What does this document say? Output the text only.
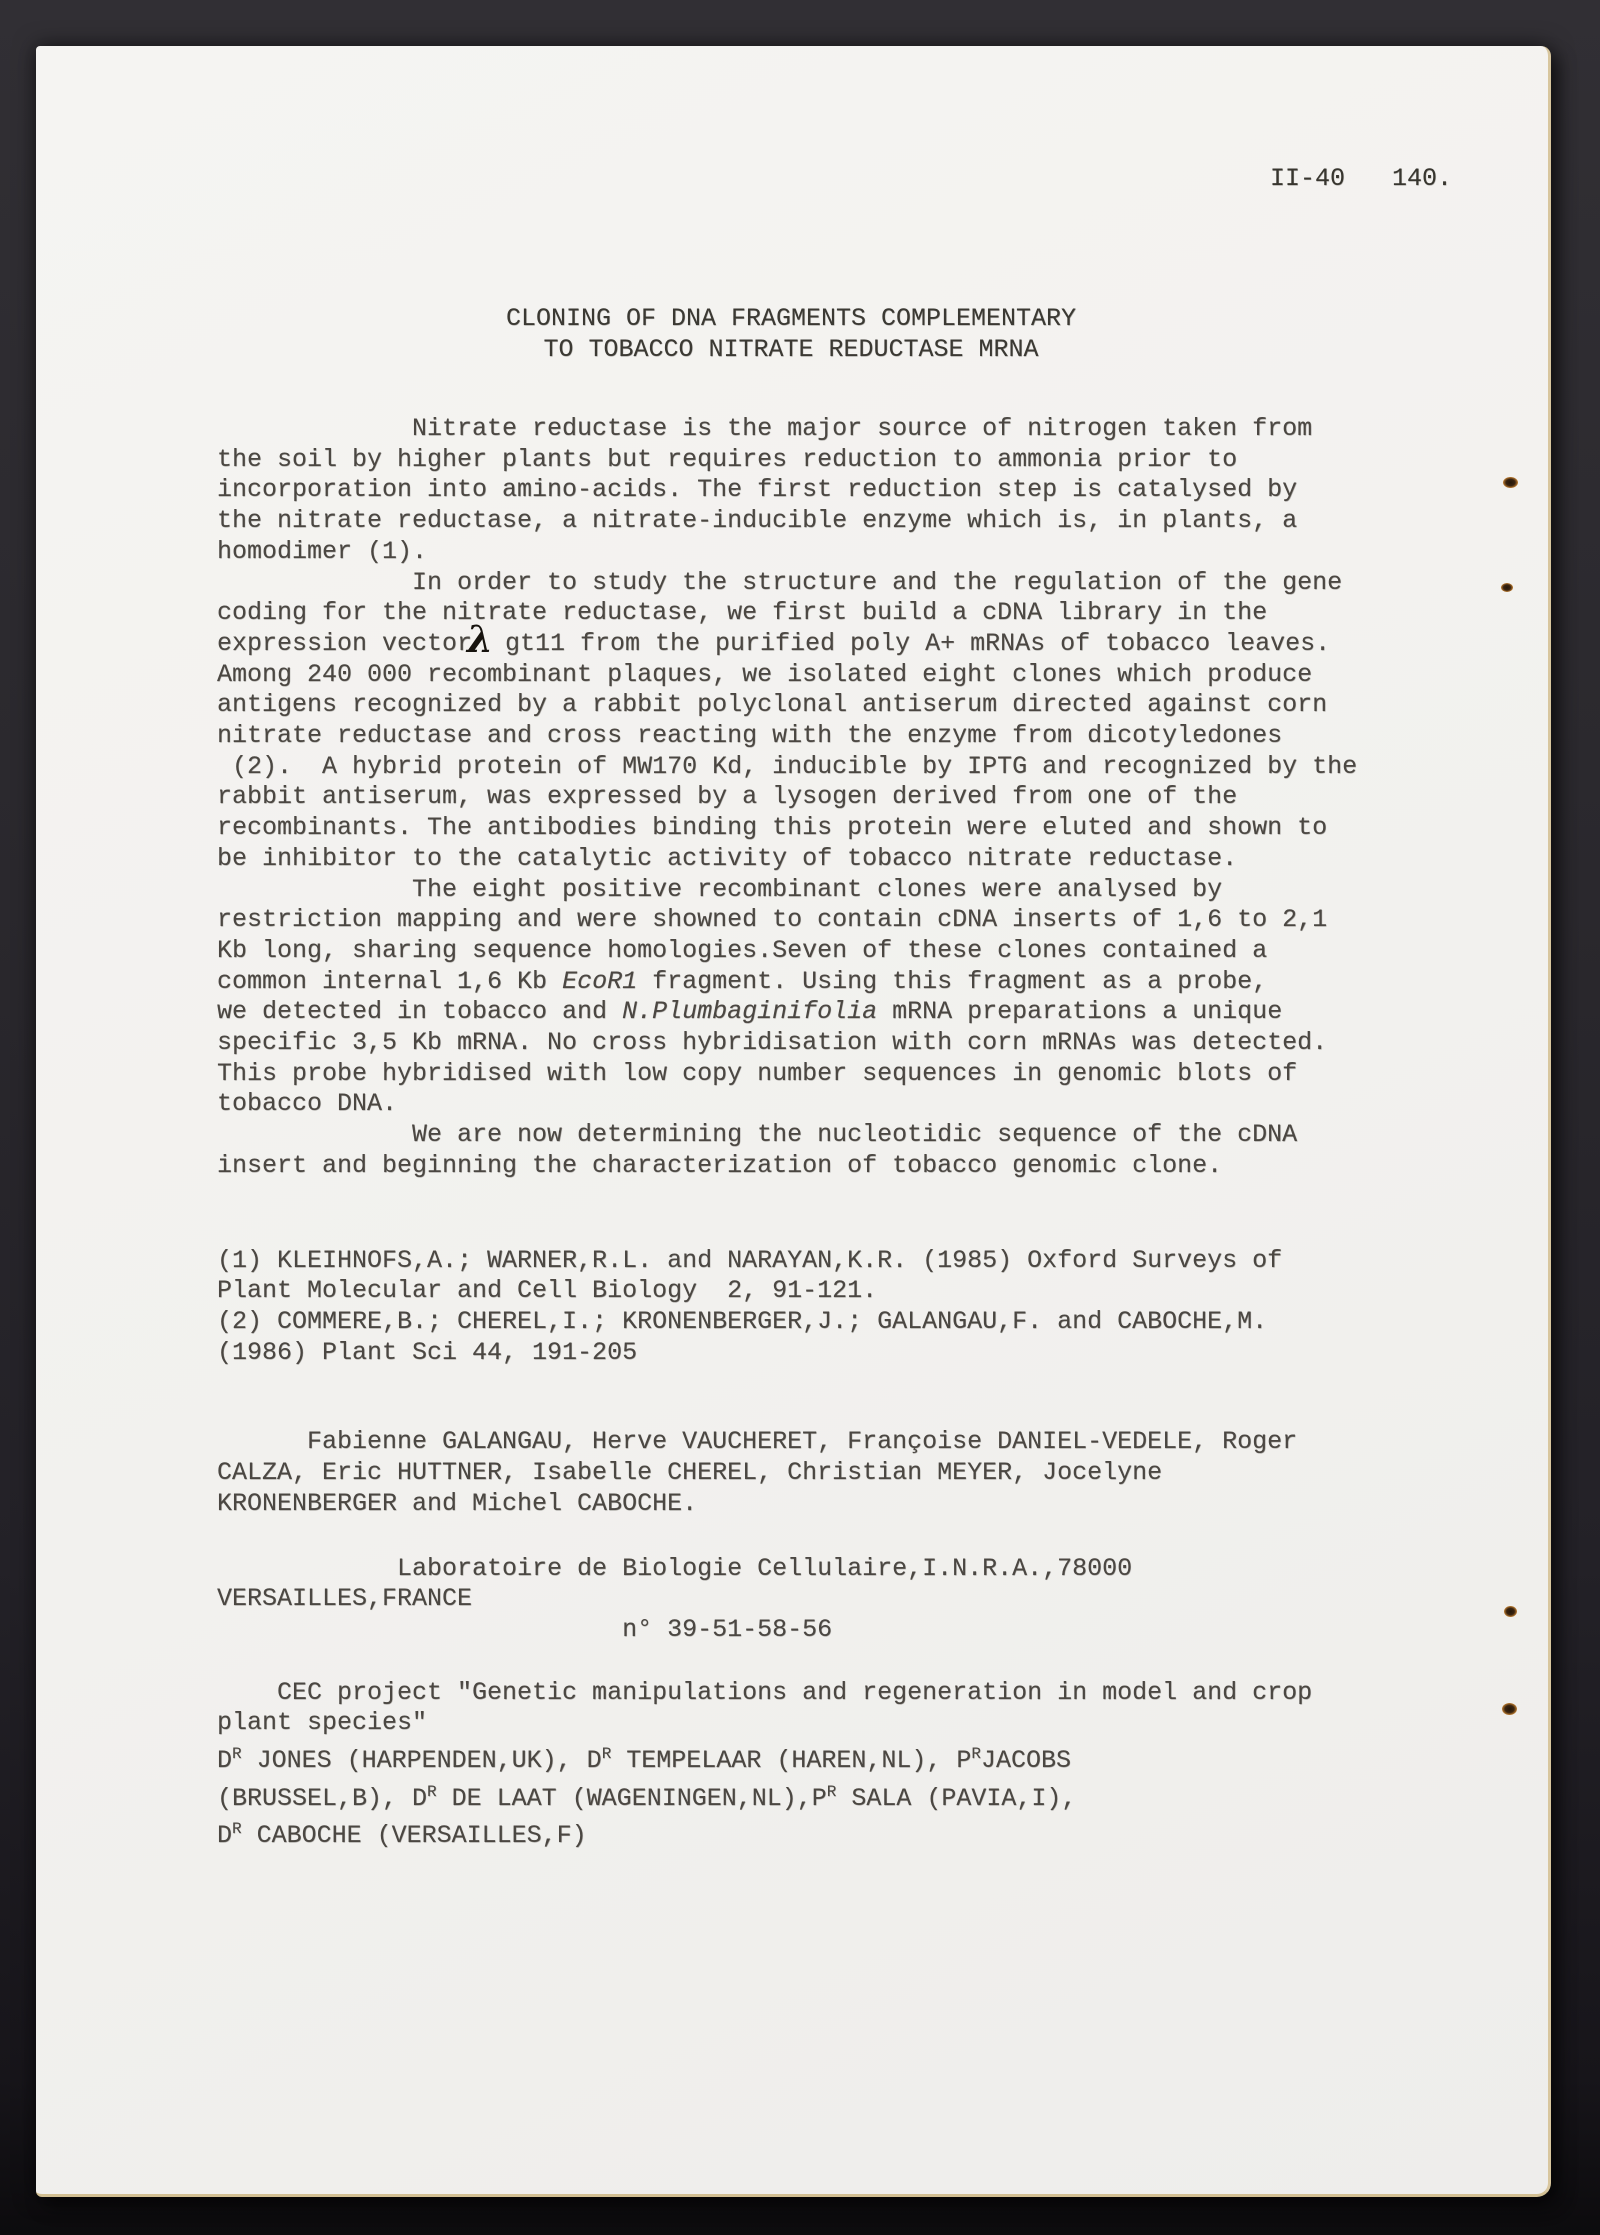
II-40 140.
CLONING OF DNA FRAGMENTS COMPLEMENTARY
TO TOBACCO NITRATE REDUCTASE MRNA
Nitrate reductase is the major source of nitrogen taken from
the soil by higher plants but requires reduction to ammonia prior to
incorporation into amino-acids. The first reduction step is catalysed by
the nitrate reductase, a nitrate-inducible enzyme which is, in plants, a
homodimer (1).
In order to study the structure and the regulation of the gene
coding for the nitrate reductase, we first build a cDNA library in the
expression vectorλ gt11 from the purified poly A+ mRNAs of tobacco leaves.
Among 240 000 recombinant plaques, we isolated eight clones which produce
antigens recognized by a rabbit polyclonal antiserum directed against corn
nitrate reductase and cross reacting with the enzyme from dicotyledones
(2).  A hybrid protein of MW170 Kd, inducible by IPTG and recognized by the
rabbit antiserum, was expressed by a lysogen derived from one of the
recombinants. The antibodies binding this protein were eluted and shown to
be inhibitor to the catalytic activity of tobacco nitrate reductase.
The eight positive recombinant clones were analysed by
restriction mapping and were showned to contain cDNA inserts of 1,6 to 2,1
Kb long, sharing sequence homologies.Seven of these clones contained a
common internal 1,6 Kb EcoR1 fragment. Using this fragment as a probe,
we detected in tobacco and N.Plumbaginifolia mRNA preparations a unique
specific 3,5 Kb mRNA. No cross hybridisation with corn mRNAs was detected.
This probe hybridised with low copy number sequences in genomic blots of
tobacco DNA.
We are now determining the nucleotidic sequence of the cDNA
insert and beginning the characterization of tobacco genomic clone.
(1) KLEIHNOFS,A.; WARNER,R.L. and NARAYAN,K.R. (1985) Oxford Surveys of
Plant Molecular and Cell Biology  2, 91-121.
(2) COMMERE,B.; CHEREL,I.; KRONENBERGER,J.; GALANGAU,F. and CABOCHE,M.
(1986) Plant Sci 44, 191-205
Fabienne GALANGAU, Herve VAUCHERET, Françoise DANIEL-VEDELE, Roger
CALZA, Eric HUTTNER, Isabelle CHEREL, Christian MEYER, Jocelyne
KRONENBERGER and Michel CABOCHE.
Laboratoire de Biologie Cellulaire,I.N.R.A.,78000
VERSAILLES,FRANCE
n° 39-51-58-56
CEC project "Genetic manipulations and regeneration in model and crop
plant species"
$D^R$ JONES (HARPENDEN,UK), $D^R$ TEMPELAAR (HAREN,NL), $P^RJACOBS$
(BRUSSEL,B), $D^R$ DE LAAT $(WAGENINGEN,NL),P^R$ SALA (PAVIA,I),
$D^R$ CABOCHE (VERSAILLES,F)
